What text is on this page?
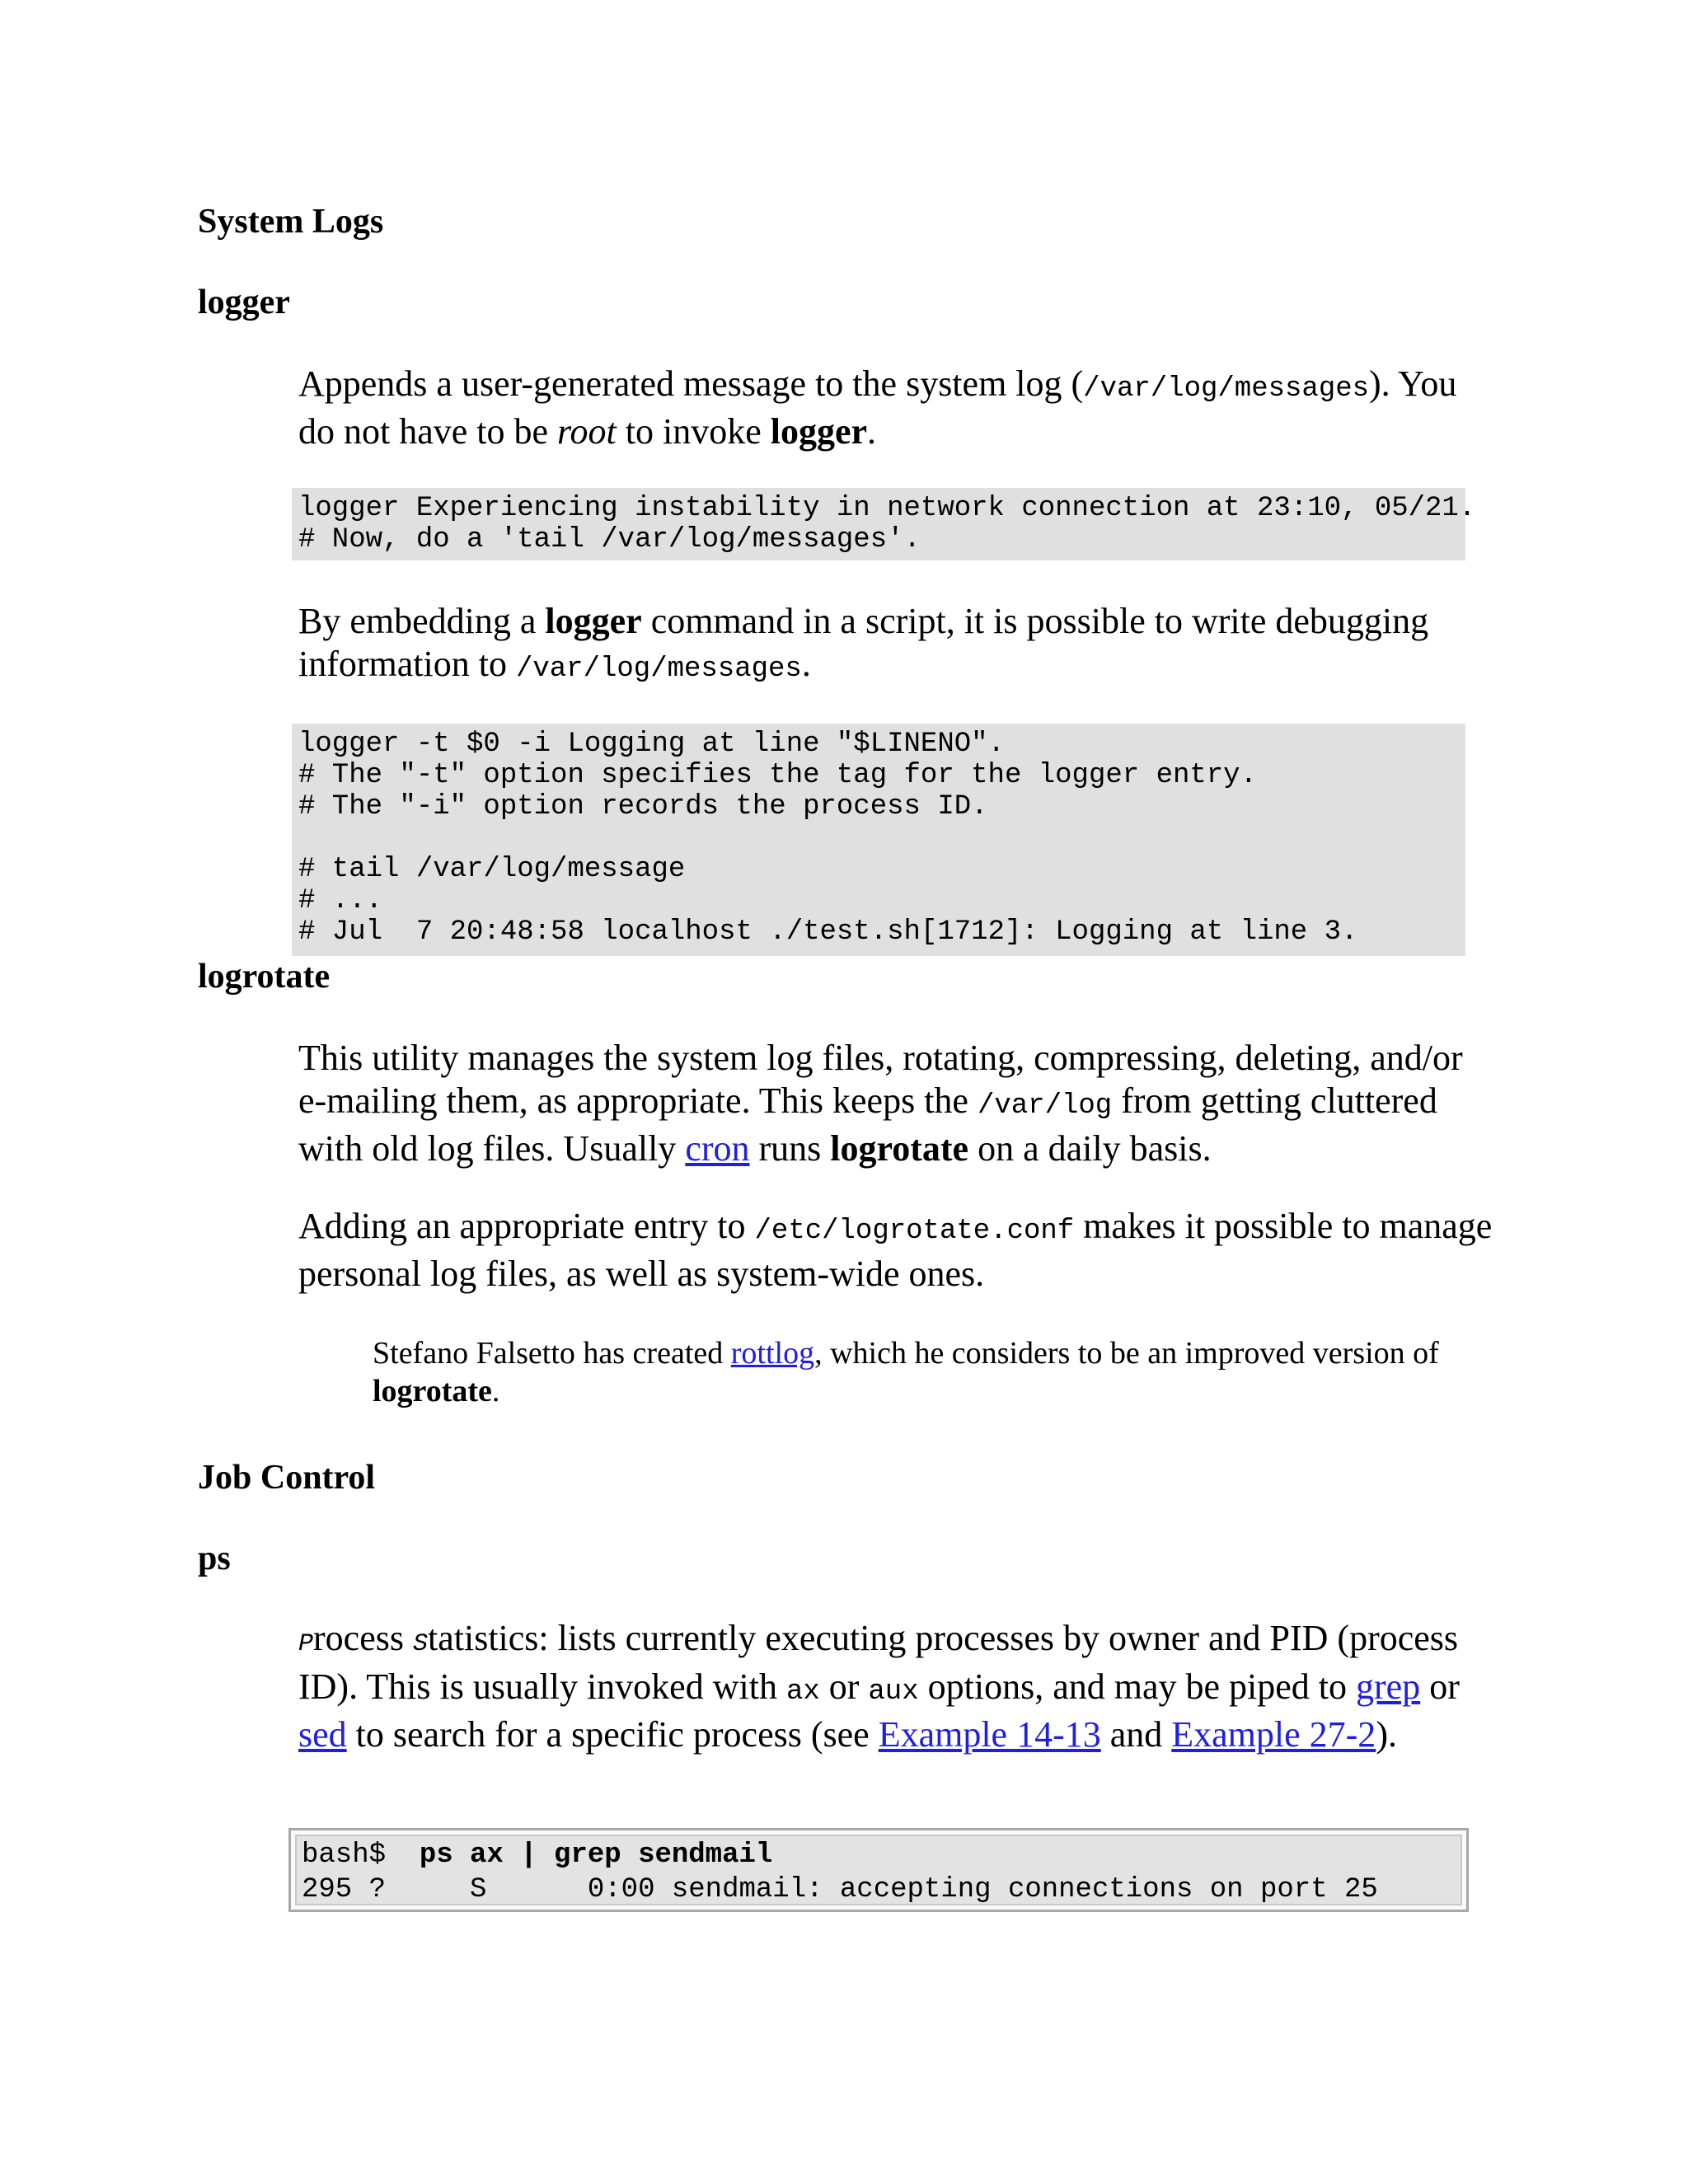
System Logs
logger

Appends a user-generated message to the system log (/var/log/messages). You do not have to be root to invoke logger.

logger Experiencing instability in network connection at 23:10, 05/21.
# Now, do a 'tail /var/log/messages'.

By embedding a logger command in a script, it is possible to write debugging information to /var/log/messages.

logger -t $0 -i Logging at line "$LINENO".
# The "-t" option specifies the tag for the logger entry.
# The "-i" option records the process ID.

# tail /var/log/message
# ...
# Jul  7 20:48:58 localhost ./test.sh[1712]: Logging at line 3.
logrotate

This utility manages the system log files, rotating, compressing, deleting, and/or e-mailing them, as appropriate. This keeps the /var/log from getting cluttered with old log files. Usually cron runs logrotate on a daily basis.

Adding an appropriate entry to /etc/logrotate.conf makes it possible to manage personal log files, as well as system-wide ones.

Stefano Falsetto has created rottlog, which he considers to be an improved version of logrotate.

Job Control
ps

Process Statistics: lists currently executing processes by owner and PID (process ID). This is usually invoked with ax or aux options, and may be piped to grep or sed to search for a specific process (see Example 14-13 and Example 27-2).

bash$  ps ax | grep sendmail
295 ?     S      0:00 sendmail: accepting connections on port 25
